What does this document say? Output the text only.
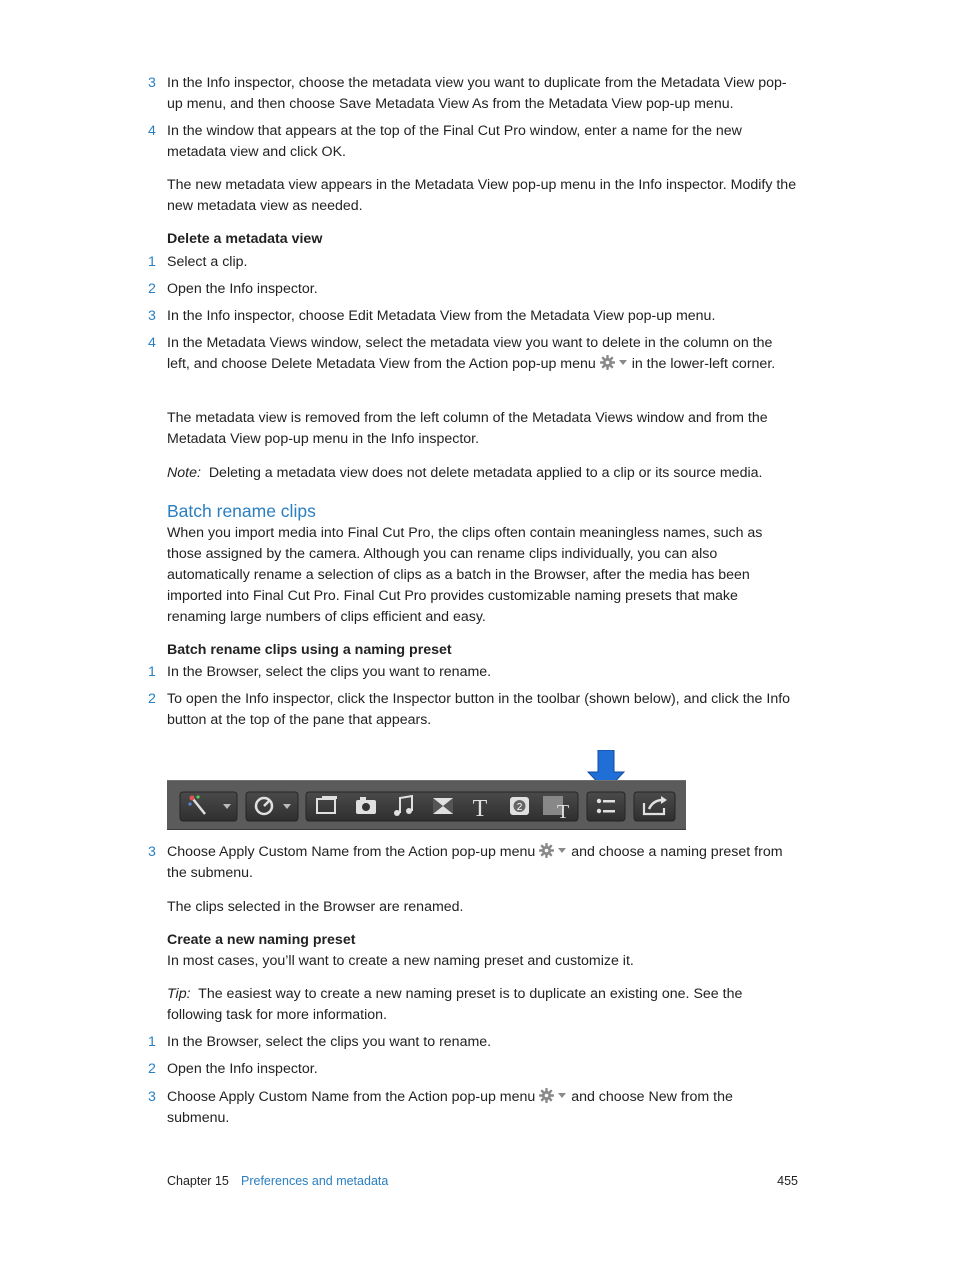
3 In the Info inspector, choose the metadata view you want to duplicate from the Metadata View pop-up menu, and then choose Save Metadata View As from the Metadata View pop-up menu.
4 In the window that appears at the top of the Final Cut Pro window, enter a name for the new metadata view and click OK.
The new metadata view appears in the Metadata View pop-up menu in the Info inspector. Modify the new metadata view as needed.
Delete a metadata view
1 Select a clip.
2 Open the Info inspector.
3 In the Info inspector, choose Edit Metadata View from the Metadata View pop-up menu.
4 In the Metadata Views window, select the metadata view you want to delete in the column on the left, and choose Delete Metadata View from the Action pop-up menu	in the lower-left corner.
The metadata view is removed from the left column of the Metadata Views window and from the Metadata View pop-up menu in the Info inspector.
Note: Deleting a metadata view does not delete metadata applied to a clip or its source media.
Batch rename clips
When you import media into Final Cut Pro, the clips often contain meaningless names, such as those assigned by the camera. Although you can rename clips individually, you can also automatically rename a selection of clips as a batch in the Browser, after the media has been imported into Final Cut Pro. Final Cut Pro provides customizable naming presets that make renaming large numbers of clips efficient and easy.
Batch rename clips using a naming preset
1 In the Browser, select the clips you want to rename.
2 To open the Info inspector, click the Inspector button in the toolbar (shown below), and click the Info button at the top of the pane that appears.
T	2 T
3 Choose Apply Custom Name from the Action pop-up menu	and choose a naming preset from the submenu.
The clips selected in the Browser are renamed.
Create a new naming preset
In most cases, you’ll want to create a new naming preset and customize it.
Tip: The easiest way to create a new naming preset is to duplicate an existing one. See the following task for more information.
1 In the Browser, select the clips you want to rename.
2 Open the Info inspector.
3 Choose Apply Custom Name from the Action pop-up menu	and choose New from the submenu.
Chapter 15 Preferences and metadata	455
